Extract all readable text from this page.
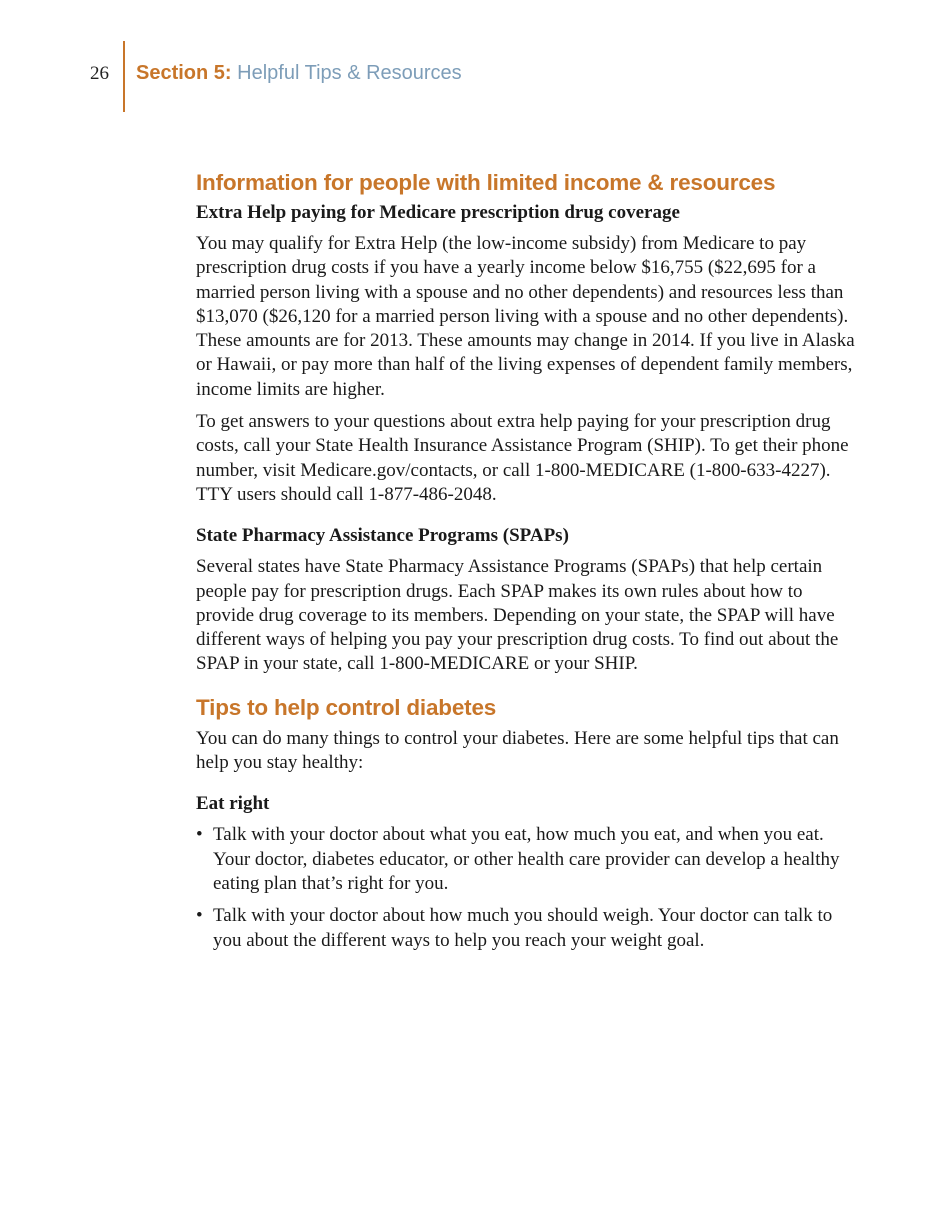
26 Section 5: Helpful Tips & Resources
Information for people with limited income & resources
Extra Help paying for Medicare prescription drug coverage

You may qualify for Extra Help (the low-income subsidy) from Medicare to pay prescription drug costs if you have a yearly income below $16,755 ($22,695 for a married person living with a spouse and no other dependents) and resources less than $13,070 ($26,120 for a married person living with a spouse and no other dependents). These amounts are for 2013. These amounts may change in 2014. If you live in Alaska or Hawaii, or pay more than half of the living expenses of dependent family members, income limits are higher.

To get answers to your questions about extra help paying for your prescription drug costs, call your State Health Insurance Assistance Program (SHIP). To get their phone number, visit Medicare.gov/contacts, or call 1-800-MEDICARE (1-800-633-4227). TTY users should call 1-877-486-2048.

State Pharmacy Assistance Programs (SPAPs)

Several states have State Pharmacy Assistance Programs (SPAPs) that help certain people pay for prescription drugs. Each SPAP makes its own rules about how to provide drug coverage to its members. Depending on your state, the SPAP will have different ways of helping you pay your prescription drug costs. To find out about the SPAP in your state, call 1-800-MEDICARE or your SHIP.

Tips to help control diabetes

You can do many things to control your diabetes. Here are some helpful tips that can help you stay healthy:

Eat right
• Talk with your doctor about what you eat, how much you eat, and when you eat. Your doctor, diabetes educator, or other health care provider can develop a healthy eating plan that’s right for you.
• Talk with your doctor about how much you should weigh. Your doctor can talk to you about the different ways to help you reach your weight goal.
